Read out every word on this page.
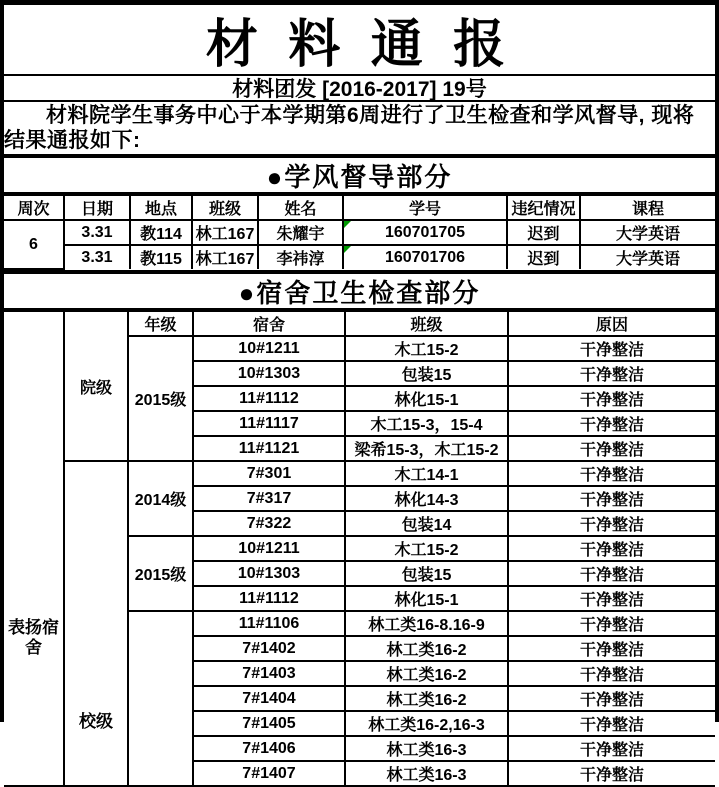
材 料 通 报
材料团发 [2016-2017] 19号
材料院学生事务中心于本学期第6周进行了卫生检查和学风督导, 现将结果通报如下:
●学风督导部分
周次	日期	地点	班级	姓名	学号	违纪情况	课程
6	3.31	教114	林工167	朱耀宇	160701705	迟到	大学英语
	3.31	教115	林工167	李祎淳	160701706	迟到	大学英语
●宿舍卫生检查部分
表扬宿舍	院级	年级	宿舍	班级	原因
		2015级	10#1211	木工15-2	干净整洁
			10#1303	包装15	干净整洁
			11#1112	林化15-1	干净整洁
			11#1117	木工15-3，15-4	干净整洁
			11#1121	梁希15-3，木工15-2	干净整洁

	校级	2014级	7#301	木工14-1	干净整洁
			7#317	林化14-3	干净整洁
			7#322	包装14	干净整洁
		2015级	10#1211	木工15-2	干净整洁
			10#1303	包装15	干净整洁
			11#1112	林化15-1	干净整洁
			11#1106	林工类16-8.16-9	干净整洁
			7#1402	林工类16-2	干净整洁
			7#1403	林工类16-2	干净整洁
			7#1404	林工类16-2	干净整洁
			7#1405	林工类16-2,16-3	干净整洁
			7#1406	林工类16-3	干净整洁
			7#1407	林工类16-3	干净整洁
